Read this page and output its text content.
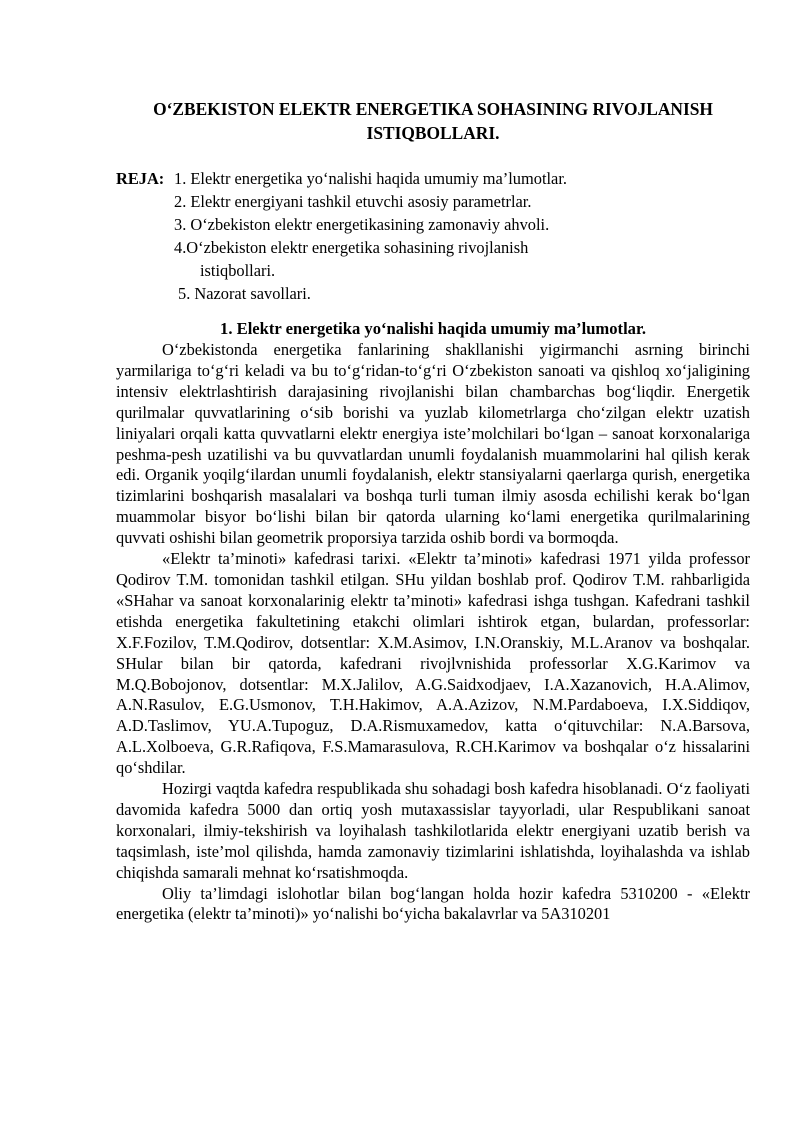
O‘ZBEKISTON ELEKTR ENERGETIKA SOHASINING RIVOJLANISH
ISTIQBOLLARI.
REJA: 1. Elektr energetika yo‘nalishi haqida umumiy ma’lumotlar.
2. Elektr energiyani tashkil etuvchi asosiy parametrlar.
3. O‘zbekiston elektr energetikasining zamonaviy ahvoli.
4.O‘zbekiston elektr energetika sohasining rivojlanish
istiqbollari.
5. Nazorat savollari.
1. Elektr energetika yo‘nalishi haqida umumiy ma’lumotlar.

O‘zbekistonda energetika fanlarining shakllanishi yigirmanchi asrning birinchi yarmilariga to‘g‘ri keladi va bu to‘g‘ridan-to‘g‘ri O‘zbekiston sanoati va qishloq xo‘jaligining intensiv elektrlashtirish darajasining rivojlanishi bilan chambarchas bog‘liqdir. Energetik qurilmalar quvvatlarining o‘sib borishi va yuzlab kilometrlarga cho‘zilgan elektr uzatish liniyalari orqali katta quvvatlarni elektr energiya iste’molchilari bo‘lgan – sanoat korxonalariga peshma-pesh uzatilishi va bu quvvatlardan unumli foydalanish muammolarini hal qilish kerak edi. Organik yoqilg‘ilardan unumli foydalanish, elektr stansiyalarni qaerlarga qurish, energetika tizimlarini boshqarish masalalari va boshqa turli tuman ilmiy asosda echilishi kerak bo‘lgan muammolar bisyor bo‘lishi bilan bir qatorda ularning ko‘lami energetika qurilmalarining quvvati oshishi bilan geometrik proporsiya tarzida oshib bordi va bormoqda.

«Elektr ta’minoti» kafedrasi tarixi. «Elektr ta’minoti» kafedrasi 1971 yilda professor Qodirov T.M. tomonidan tashkil etilgan. SHu yildan boshlab prof. Qodirov T.M. rahbarligida «SHahar va sanoat korxonalarinig elektr ta’minoti» kafedrasi ishga tushgan. Kafedrani tashkil etishda energetika fakultetining etakchi olimlari ishtirok etgan, bulardan, professorlar: X.F.Fozilov, T.M.Qodirov, dotsentlar: X.M.Asimov, I.N.Oranskiy, M.L.Aranov va boshqalar. SHular bilan bir qatorda, kafedrani rivojlvnishida professorlar X.G.Karimov va M.Q.Bobojonov, dotsentlar: M.X.Jalilov, A.G.Saidxodjaev, I.A.Xazanovich, H.A.Alimov, A.N.Rasulov, E.G.Usmonov, T.H.Hakimov, A.A.Azizov, N.M.Pardaboeva, I.X.Siddiqov, A.D.Taslimov, YU.A.Tupoguz, D.A.Rismuxamedov, katta o‘qituvchilar: N.A.Barsova, A.L.Xolboeva, G.R.Rafiqova, F.S.Mamarasulova, R.CH.Karimov va boshqalar o‘z hissalarini qo‘shdilar.

Hozirgi vaqtda kafedra respublikada shu sohadagi bosh kafedra hisoblanadi. O‘z faoliyati davomida kafedra 5000 dan ortiq yosh mutaxassislar tayyorladi, ular Respublikani sanoat korxonalari, ilmiy-tekshirish va loyihalash tashkilotlarida elektr energiyani uzatib berish va taqsimlash, iste’mol qilishda, hamda zamonaviy tizimlarini ishlatishda, loyihalashda va ishlab chiqishda samarali mehnat ko‘rsatishmoqda.

Oliy ta’limdagi islohotlar bilan bog‘langan holda hozir kafedra 5310200 - «Elektr energetika (elektr ta’minoti)» yo‘nalishi bo‘yicha bakalavrlar va 5A310201
